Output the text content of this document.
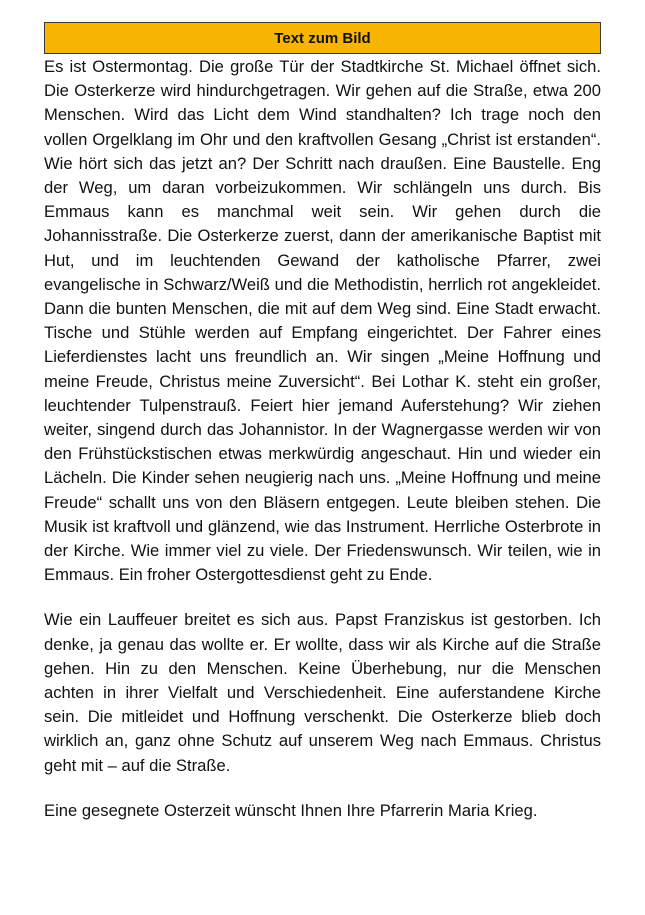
Text zum Bild

Es ist Ostermontag. Die große Tür der Stadtkirche St. Michael öffnet sich. Die Osterkerze wird hindurchgetragen. Wir gehen auf die Straße, etwa 200 Menschen. Wird das Licht dem Wind standhalten? Ich trage noch den vollen Orgelklang im Ohr und den kraftvollen Gesang „Christ ist erstanden“. Wie hört sich das jetzt an? Der Schritt nach draußen. Eine Baustelle. Eng der Weg, um daran vorbeizukommen. Wir schlängeln uns durch. Bis Emmaus kann es manchmal weit sein. Wir gehen durch die Johannisstraße. Die Osterkerze zuerst, dann der amerikanische Baptist mit Hut, und im leuchtenden Gewand der katholische Pfarrer, zwei evangelische in Schwarz/Weiß und die Methodistin, herrlich rot angekleidet. Dann die bunten Menschen, die mit auf dem Weg sind. Eine Stadt erwacht. Tische und Stühle werden auf Empfang eingerichtet. Der Fahrer eines Lieferdienstes lacht uns freundlich an. Wir singen „Meine Hoffnung und meine Freude, Christus meine Zuversicht“. Bei Lothar K. steht ein großer, leuchtender Tulpenstrauß. Feiert hier jemand Auferstehung? Wir ziehen weiter, singend durch das Johannistor. In der Wagnergasse werden wir von den Frühstückstischen etwas merkwürdig angeschaut. Hin und wieder ein Lächeln. Die Kinder sehen neugierig nach uns. „Meine Hoffnung und meine Freude“ schallt uns von den Bläsern entgegen. Leute bleiben stehen. Die Musik ist kraftvoll und glänzend, wie das Instrument. Herrliche Osterbrote in der Kirche. Wie immer viel zu viele. Der Friedenswunsch. Wir teilen, wie in Emmaus. Ein froher Ostergottesdienst geht zu Ende.

Wie ein Lauffeuer breitet es sich aus. Papst Franziskus ist gestorben. Ich denke, ja genau das wollte er. Er wollte, dass wir als Kirche auf die Straße gehen. Hin zu den Menschen. Keine Überhebung, nur die Menschen achten in ihrer Vielfalt und Verschiedenheit. Eine auferstandene Kirche sein. Die mitleidet und Hoffnung verschenkt. Die Osterkerze blieb doch wirklich an, ganz ohne Schutz auf unserem Weg nach Emmaus. Christus geht mit – auf die Straße.

Eine gesegnete Osterzeit wünscht Ihnen Ihre Pfarrerin Maria Krieg.
